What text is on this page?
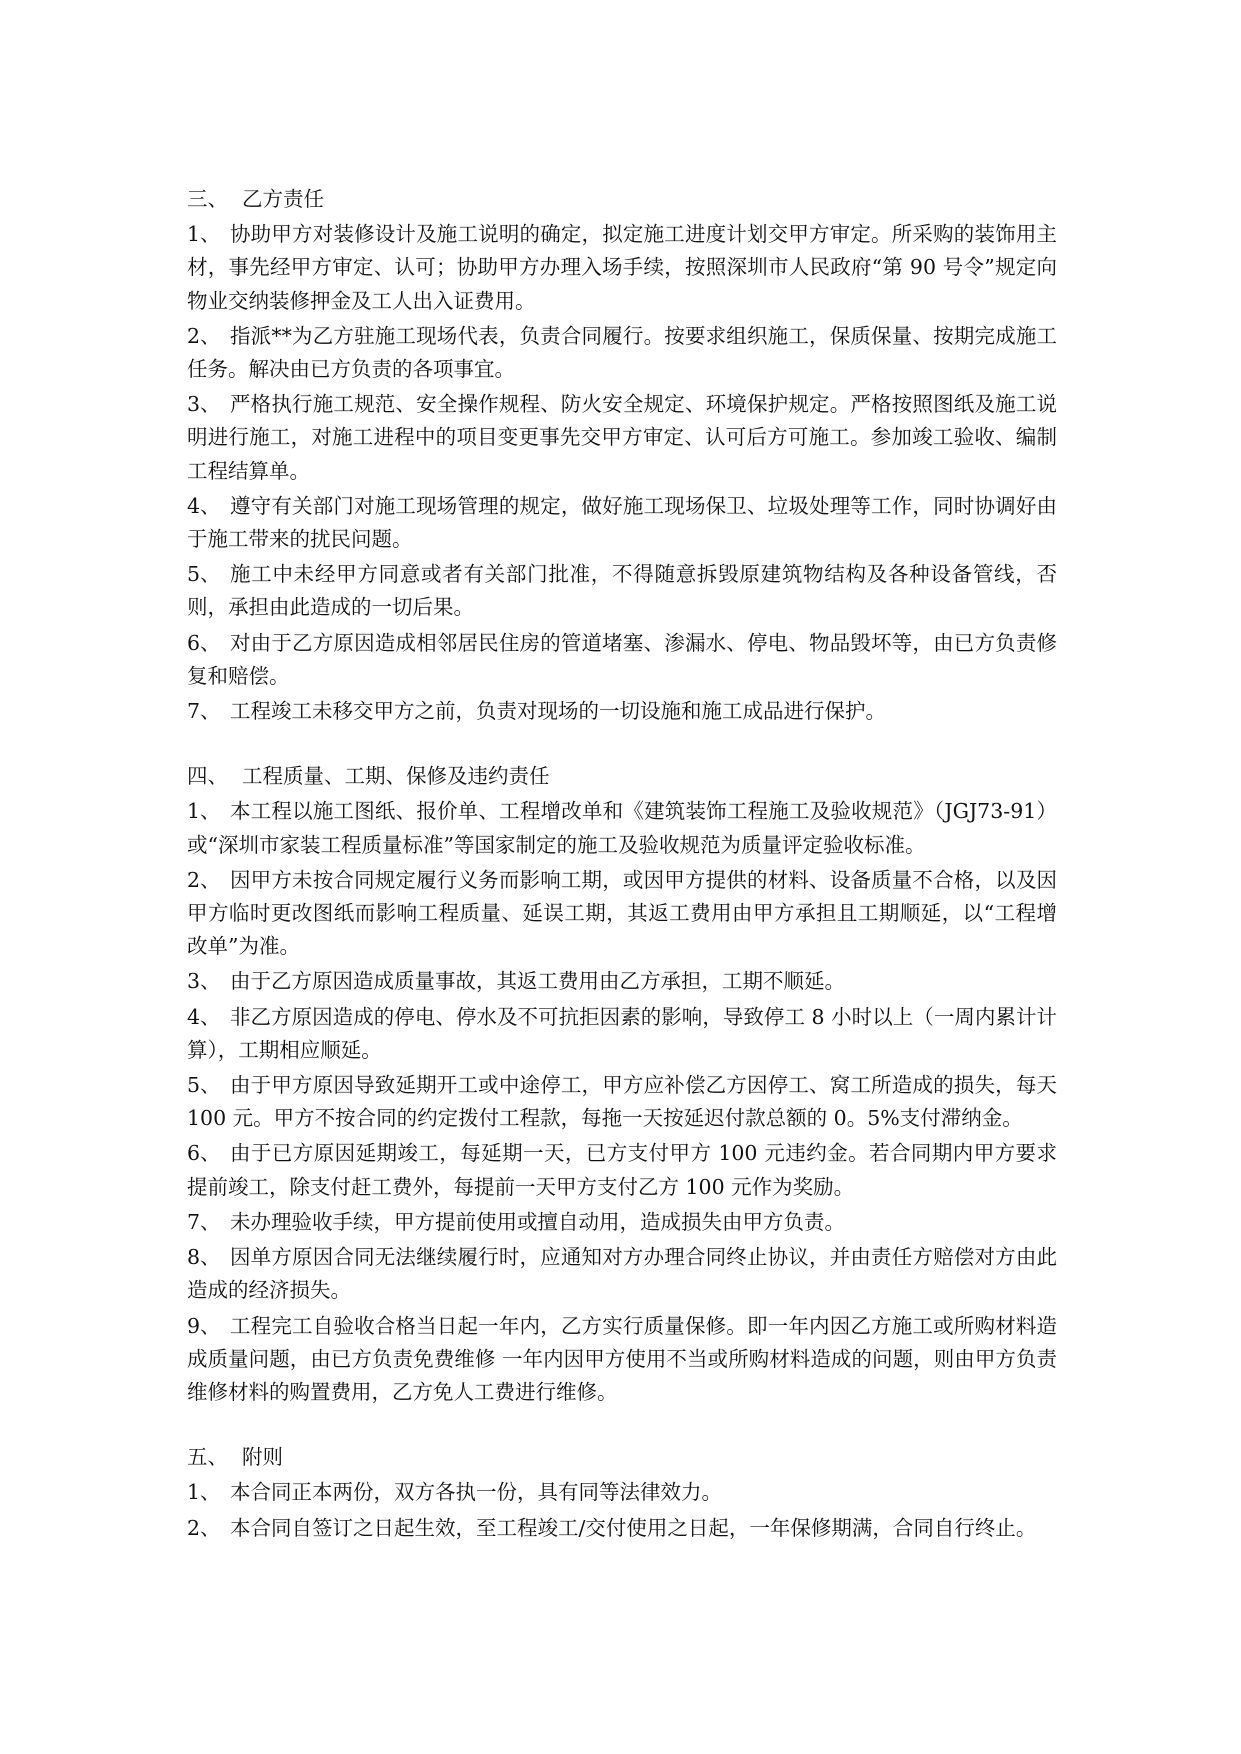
三、 乙方责任
1、 协助甲方对装修设计及施工说明的确定，拟定施工进度计划交甲方审定。所采购的装饰用主材，事先经甲方审定、认可；协助甲方办理入场手续，按照深圳市人民政府“第 90 号令”规定向物业交纳装修押金及工人出入证费用。
2、 指派**为乙方驻施工现场代表，负责合同履行。按要求组织施工，保质保量、按期完成施工任务。解决由已方负责的各项事宜。
3、 严格执行施工规范、安全操作规程、防火安全规定、环境保护规定。严格按照图纸及施工说明进行施工，对施工进程中的项目变更事先交甲方审定、认可后方可施工。参加竣工验收、编制工程结算单。
4、 遵守有关部门对施工现场管理的规定，做好施工现场保卫、垃圾处理等工作，同时协调好由于施工带来的扰民问题。
5、 施工中未经甲方同意或者有关部门批准，不得随意拆毁原建筑物结构及各种设备管线，否则，承担由此造成的一切后果。
6、 对由于乙方原因造成相邻居民住房的管道堵塞、渗漏水、停电、物品毁坏等，由已方负责修复和赔偿。
7、 工程竣工未移交甲方之前，负责对现场的一切设施和施工成品进行保护。
四、 工程质量、工期、保修及违约责任
1、 本工程以施工图纸、报价单、工程增改单和《建筑装饰工程施工及验收规范》（JGJ73-91）或“深圳市家装工程质量标准”等国家制定的施工及验收规范为质量评定验收标准。
2、 因甲方未按合同规定履行义务而影响工期，或因甲方提供的材料、设备质量不合格，以及因甲方临时更改图纸而影响工程质量、延误工期，其返工费用由甲方承担且工期顺延，以“工程增改单”为准。
3、 由于乙方原因造成质量事故，其返工费用由乙方承担，工期不顺延。
4、 非乙方原因造成的停电、停水及不可抗拒因素的影响，导致停工 8 小时以上（一周内累计计算），工期相应顺延。
5、 由于甲方原因导致延期开工或中途停工，甲方应补偿乙方因停工、窝工所造成的损失，每天 100 元。甲方不按合同的约定拨付工程款，每拖一天按延迟付款总额的 0。5%支付滞纳金。
6、 由于已方原因延期竣工，每延期一天，已方支付甲方 100 元违约金。若合同期内甲方要求提前竣工，除支付赶工费外，每提前一天甲方支付乙方 100 元作为奖励。
7、 未办理验收手续，甲方提前使用或擅自动用，造成损失由甲方负责。
8、 因单方原因合同无法继续履行时，应通知对方办理合同终止协议，并由责任方赔偿对方由此造成的经济损失。
9、 工程完工自验收合格当日起一年内，乙方实行质量保修。即一年内因乙方施工或所购材料造成质量问题，由已方负责免费维修 一年内因甲方使用不当或所购材料造成的问题，则由甲方负责维修材料的购置费用，乙方免人工费进行维修。
五、 附则
1、 本合同正本两份，双方各执一份，具有同等法律效力。
2、 本合同自签订之日起生效，至工程竣工/交付使用之日起，一年保修期满，合同自行终止。
